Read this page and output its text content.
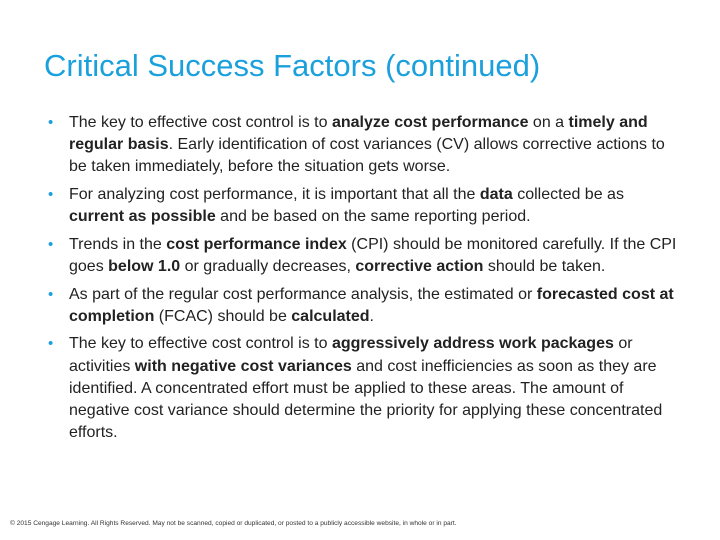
Critical Success Factors (continued)
• The key to effective cost control is to analyze cost performance on a timely and regular basis. Early identification of cost variances (CV) allows corrective actions to be taken immediately, before the situation gets worse.
• For analyzing cost performance, it is important that all the data collected be as current as possible and be based on the same reporting period.
• Trends in the cost performance index (CPI) should be monitored carefully. If the CPI goes below 1.0 or gradually decreases, corrective action should be taken.
• As part of the regular cost performance analysis, the estimated or forecasted cost at completion (FCAC) should be calculated.
• The key to effective cost control is to aggressively address work packages or activities with negative cost variances and cost inefficiencies as soon as they are identified. A concentrated effort must be applied to these areas. The amount of negative cost variance should determine the priority for applying these concentrated efforts.
© 2015 Cengage Learning. All Rights Reserved. May not be scanned, copied or duplicated, or posted to a publicly accessible website, in whole or in part.
